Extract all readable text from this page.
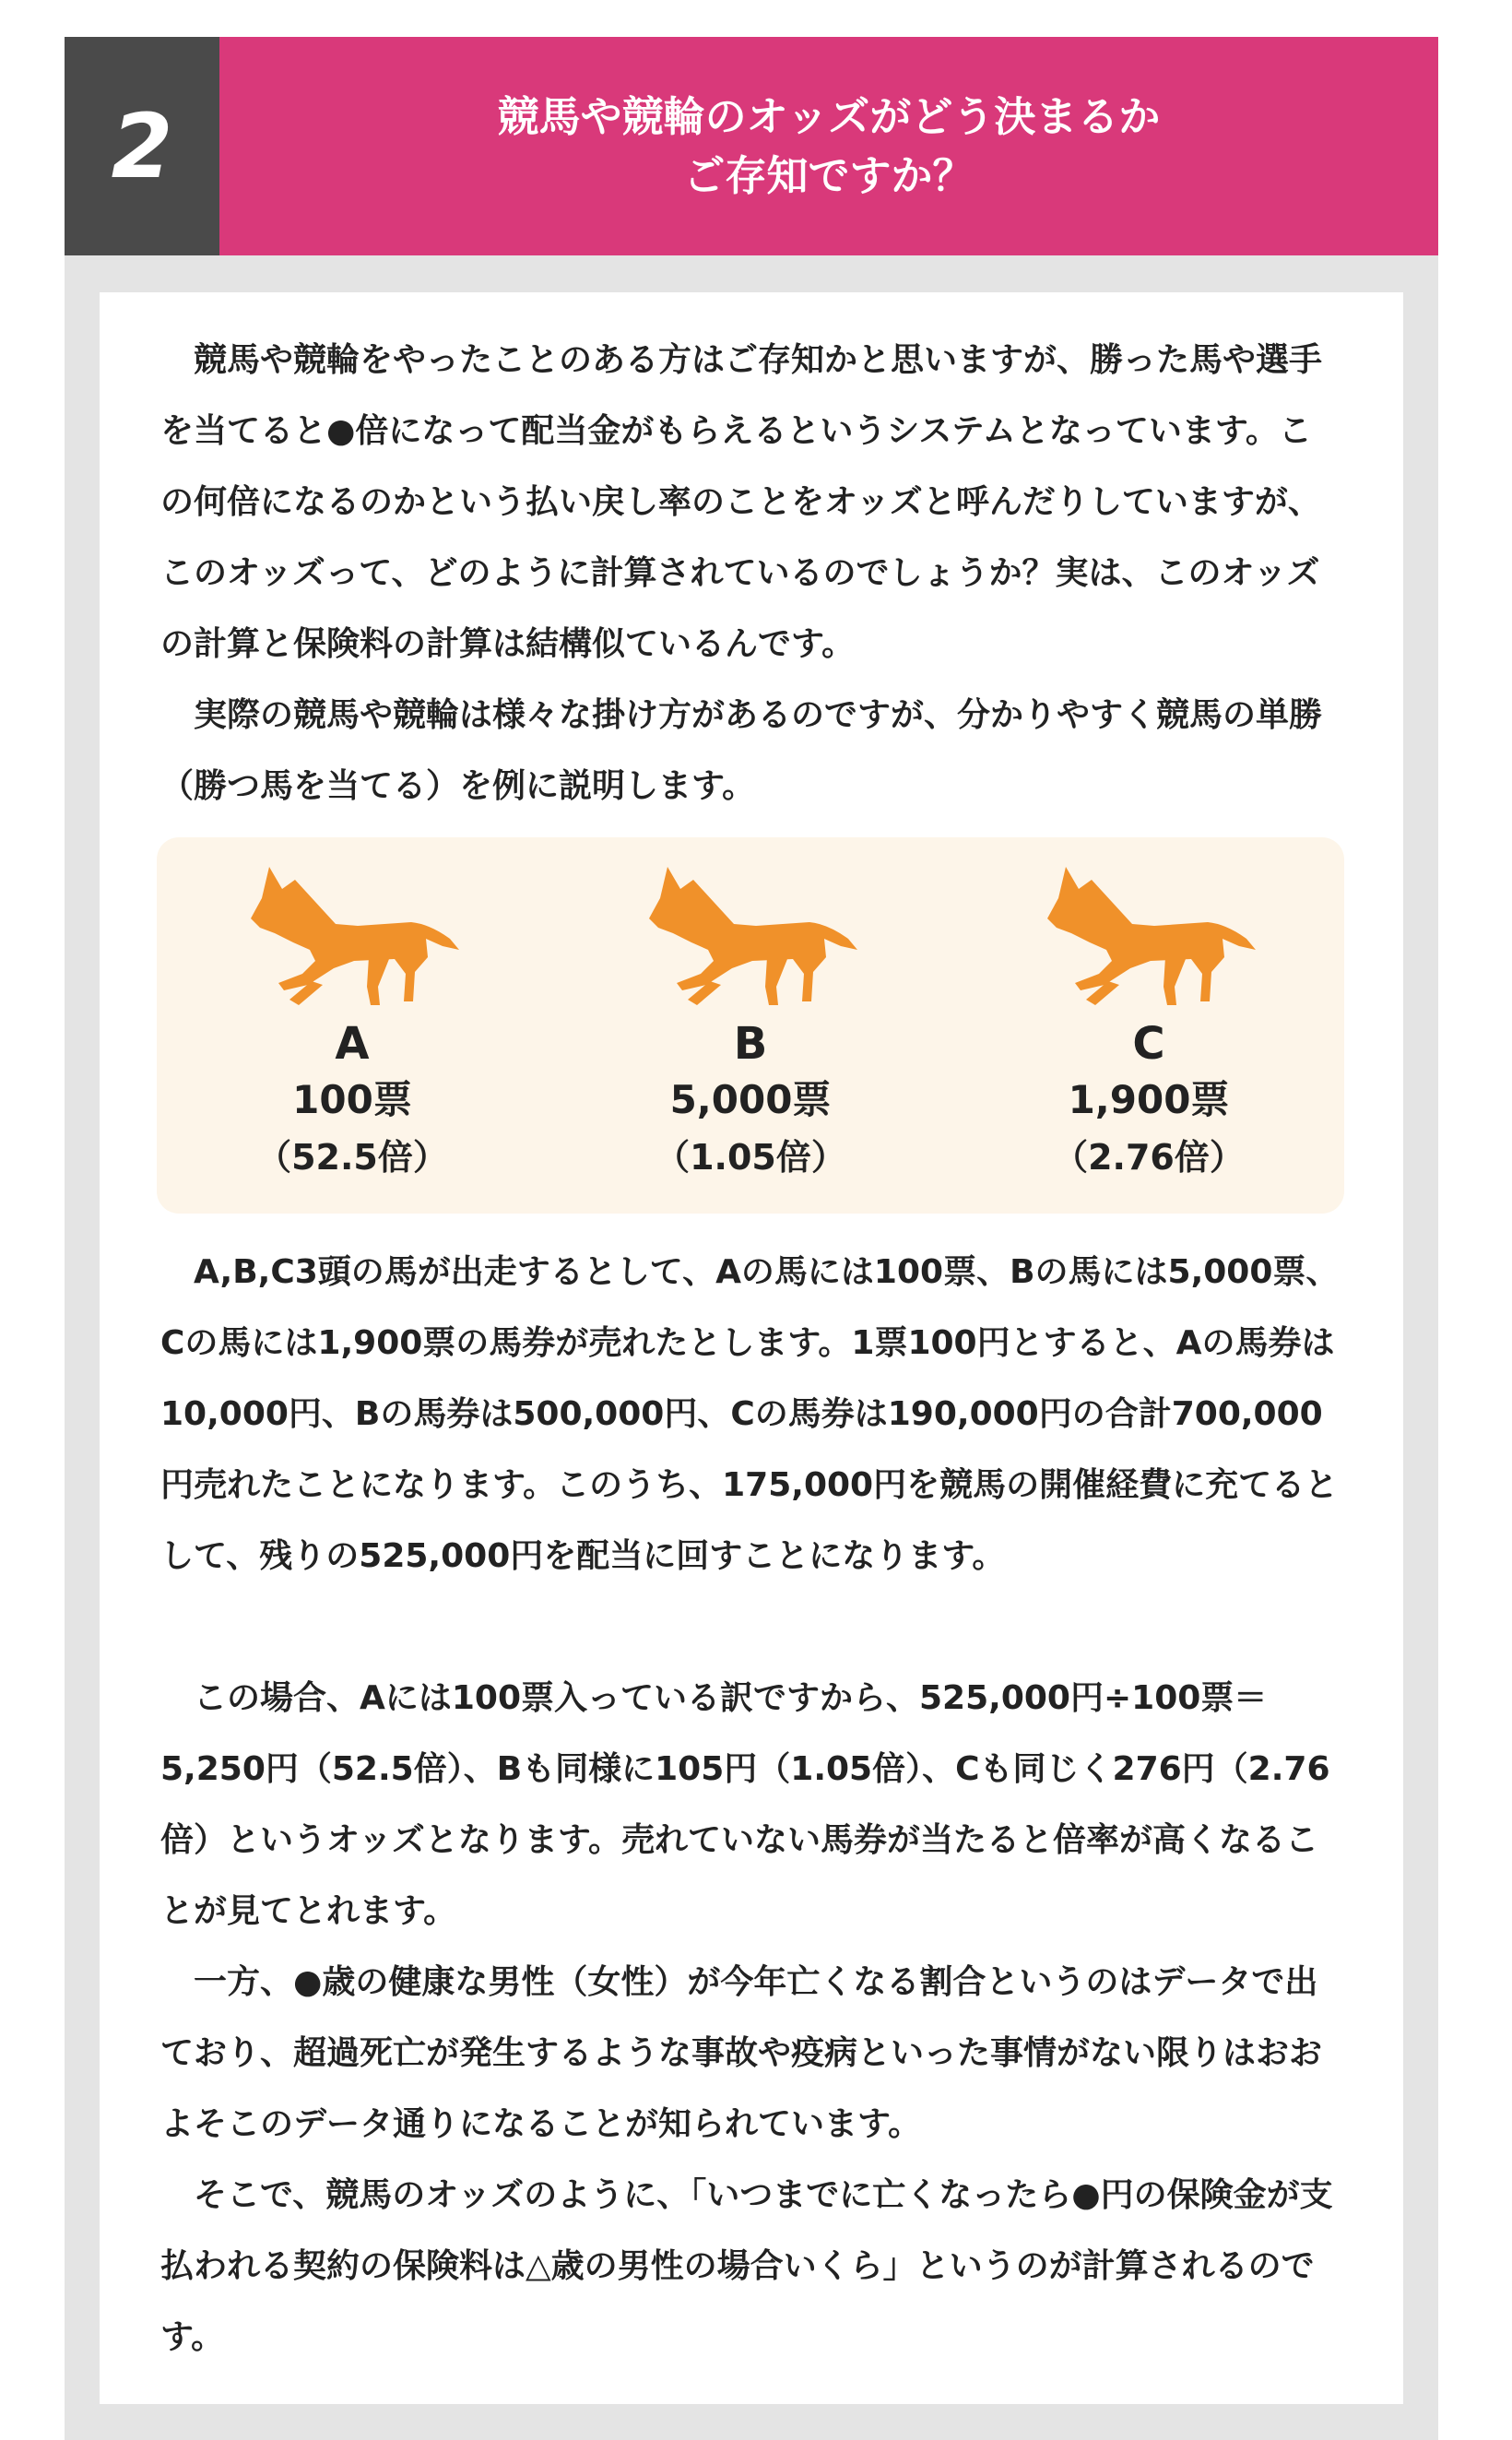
2	競馬や競輪のオッズがどう決まるか
ご存知ですか？

競馬や競輪をやったことのある方はご存知かと思いますが、勝った馬や選手を当てると●倍になって配当金がもらえるというシステムとなっています。この何倍になるのかという払い戻し率のことをオッズと呼んだりしていますが、このオッズって、どのように計算されているのでしょうか？実は、このオッズの計算と保険料の計算は結構似ているんです。

実際の競馬や競輪は様々な掛け方があるのですが、分かりやすく競馬の単勝（勝つ馬を当てる）を例に説明します。

A
100票
（52.5倍）
B
5,000票
（1.05倍）
C
1,900票
（2.76倍）

A,B,C3頭の馬が出走するとして、Aの馬には100票、Bの馬には5,000票、Cの馬には1,900票の馬券が売れたとします。1票100円とすると、Aの馬券は10,000円、Bの馬券は500,000円、Cの馬券は190,000円の合計700,000円売れたことになります。このうち、175,000円を競馬の開催経費に充てるとして、残りの525,000円を配当に回すことになります。

この場合、Aには100票入っている訳ですから、525,000円÷100票＝5,250円（52.5倍）、Bも同様に105円（1.05倍）、Cも同じく276円（2.76倍）というオッズとなります。売れていない馬券が当たると倍率が高くなることが見てとれます。

一方、●歳の健康な男性（女性）が今年亡くなる割合というのはデータで出ており、超過死亡が発生するような事故や疫病といった事情がない限りはおおよそこのデータ通りになることが知られています。

そこで、競馬のオッズのように、「いつまでに亡くなったら●円の保険金が支払われる契約の保険料は△歳の男性の場合いくら」というのが計算されるのです。
